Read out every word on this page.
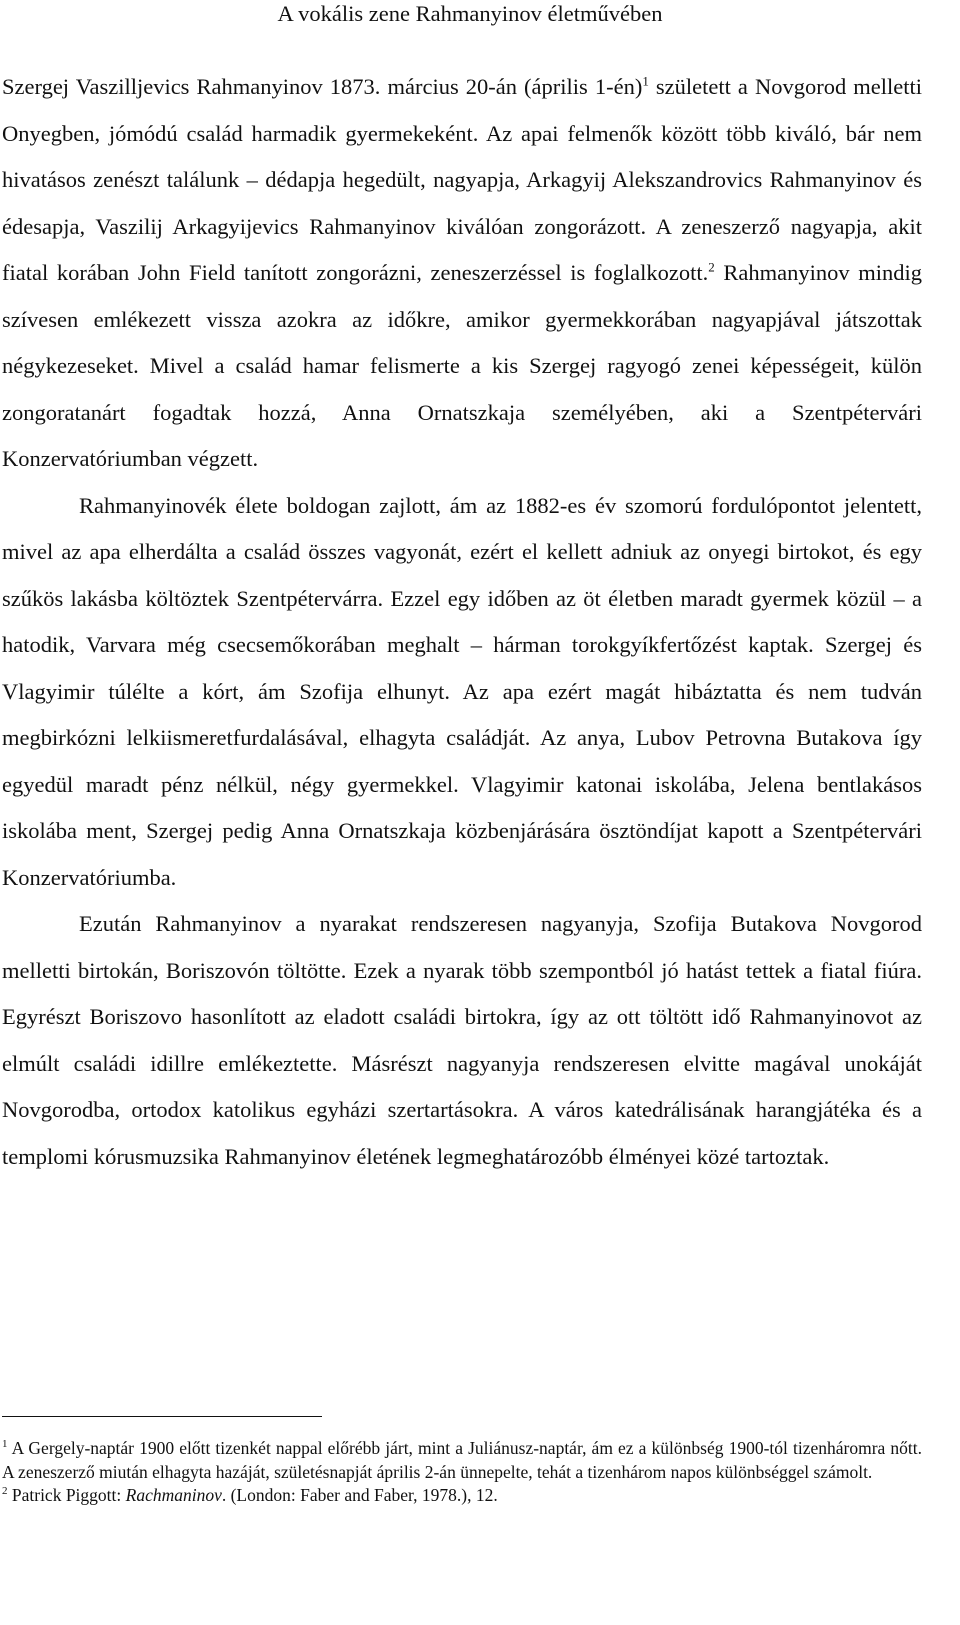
A vokális zene Rahmanyinov életművében

Szergej Vaszilljevics Rahmanyinov 1873. március 20-án (április 1-én)$^1$ született a Novgorod melletti Onyegben, jómódú család harmadik gyermekeként. Az apai felmenők között több kiváló, bár nem hivatásos zenészt találunk – dédapja hegedült, nagyapja, Arkagyij Alekszandrovics Rahmanyinov és édesapja, Vaszilij Arkagyijevics Rahmanyinov kiválóan zongorázott. A zeneszerző nagyapja, akit fiatal korában John Field tanított zongorázni, zeneszerzéssel is foglalkozott.$^2$ Rahmanyinov mindig szívesen emlékezett vissza azokra az időkre, amikor gyermekkorában nagyapjával játszottak négykezeseket. Mivel a család hamar felismerte a kis Szergej ragyogó zenei képességeit, külön zongoratanárt fogadtak hozzá, Anna Ornatszkaja személyében, aki a Szentpétervári Konzervatóriumban végzett.

Rahmanyinovék élete boldogan zajlott, ám az 1882-es év szomorú fordulópontot jelentett, mivel az apa elherdálta a család összes vagyonát, ezért el kellett adniuk az onyegi birtokot, és egy szűkös lakásba költöztek Szentpétervárra. Ezzel egy időben az öt életben maradt gyermek közül – a hatodik, Varvara még csecsemőkorában meghalt – hárman torokgyíkfertőzést kaptak. Szergej és Vlagyimir túlélte a kórt, ám Szofija elhunyt. Az apa ezért magát hibáztatta és nem tudván megbirkózni lelkiismeretfurdalásával, elhagyta családját. Az anya, Lubov Petrovna Butakova így egyedül maradt pénz nélkül, négy gyermekkel. Vlagyimir katonai iskolába, Jelena bentlakásos iskolába ment, Szergej pedig Anna Ornatszkaja közbenjárására ösztöndíjat kapott a Szentpétervári Konzervatóriumba.

Ezután Rahmanyinov a nyarakat rendszeresen nagyanyja, Szofija Butakova Novgorod melletti birtokán, Boriszovón töltötte. Ezek a nyarak több szempontból jó hatást tettek a fiatal fiúra. Egyrészt Boriszovo hasonlított az eladott családi birtokra, így az ott töltött idő Rahmanyinovot az elmúlt családi idillre emlékeztette. Másrészt nagyanyja rendszeresen elvitte magával unokáját Novgorodba, ortodox katolikus egyházi szertartásokra. A város katedrálisának harangjátéka és a templomi kórusmuzsika Rahmanyinov életének legmeghatározóbb élményei közé tartoztak.

$^1$ A Gergely-naptár 1900 előtt tizenkét nappal előrébb járt, mint a Juliánusz-naptár, ám ez a különbség 1900-tól tizenháromra nőtt. A zeneszerző miután elhagyta hazáját, születésnapját április 2-án ünnepelte, tehát a tizenhárom napos különbséggel számolt.

$^2$ Patrick Piggott: Rachmaninov. (London: Faber and Faber, 1978.), 12.
